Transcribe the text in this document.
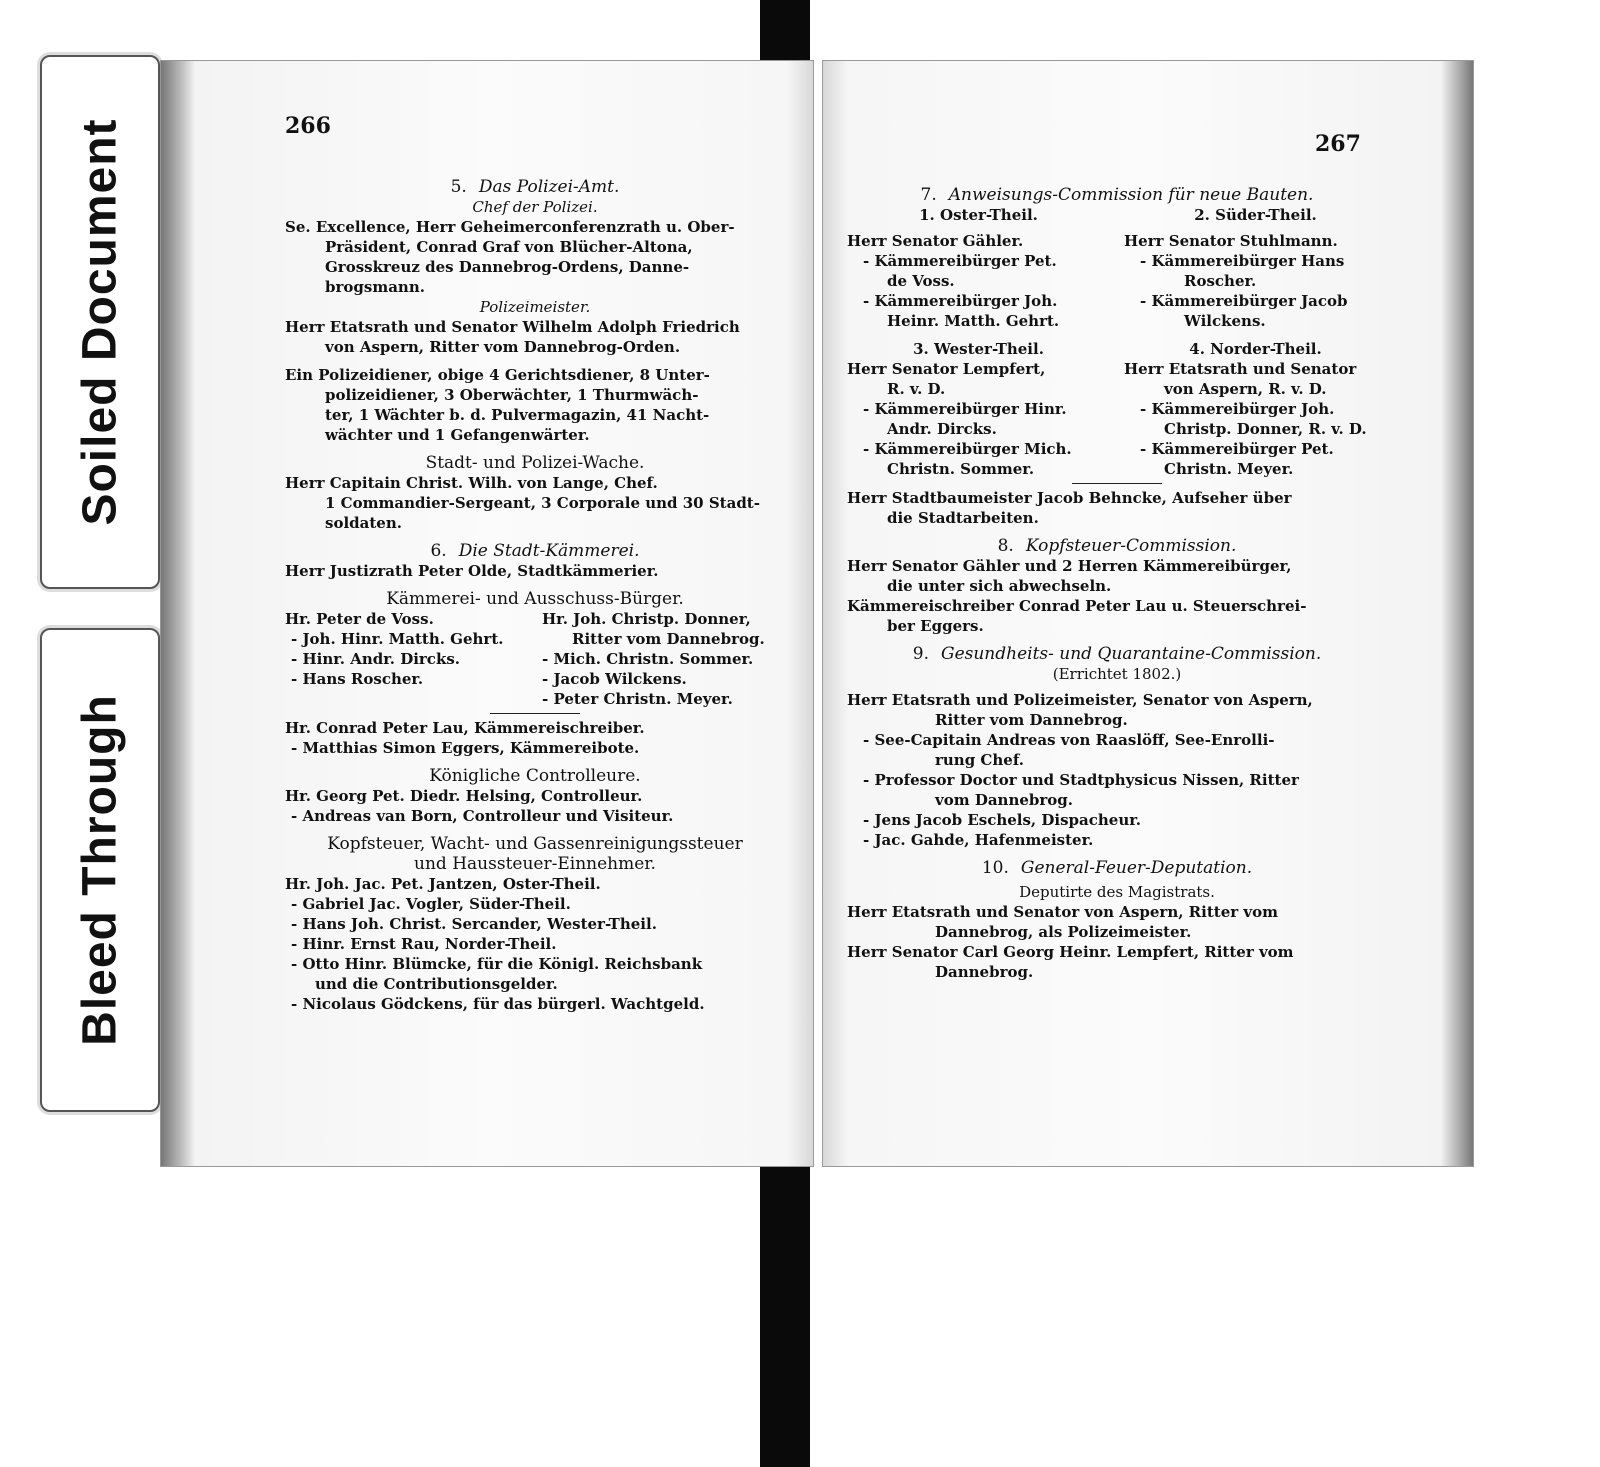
Soiled Document
Bleed Through
266
5. Das Polizei-Amt.
Chef der Polizei.
Se. Excellence, Herr Geheimerconferenzrath u. Ober-
Präsident, Conrad Graf von Blücher-Altona,
Grosskreuz des Dannebrog-Ordens, Danne-
brogsmann.
Polizeimeister.
Herr Etatsrath und Senator Wilhelm Adolph Friedrich
von Aspern, Ritter vom Dannebrog-Orden.
Ein Polizeidiener, obige 4 Gerichtsdiener, 8 Unter-
polizeidiener, 3 Oberwächter, 1 Thurmwäch-
ter, 1 Wächter b. d. Pulvermagazin, 41 Nacht-
wächter und 1 Gefangenwärter.
Stadt- und Polizei-Wache.
Herr Capitain Christ. Wilh. von Lange, Chef.
1 Commandier-Sergeant, 3 Corporale und 30 Stadt-
soldaten.
6. Die Stadt-Kämmerei.
Herr Justizrath Peter Olde, Stadtkämmerier.
Kämmerei- und Ausschuss-Bürger.
Hr. Peter de Voss.
- Joh. Hinr. Matth. Gehrt.
- Hinr. Andr. Dircks.
- Hans Roscher.
Hr. Joh. Christp. Donner,
Ritter vom Dannebrog.
- Mich. Christn. Sommer.
- Jacob Wilckens.
- Peter Christn. Meyer.
Hr. Conrad Peter Lau, Kämmereischreiber.
- Matthias Simon Eggers, Kämmereibote.
Königliche Controlleure.
Hr. Georg Pet. Diedr. Helsing, Controlleur.
- Andreas van Born, Controlleur und Visiteur.
Kopfsteuer, Wacht- und Gassenreinigungssteuer
und Haussteuer-Einnehmer.
Hr. Joh. Jac. Pet. Jantzen, Oster-Theil.
- Gabriel Jac. Vogler, Süder-Theil.
- Hans Joh. Christ. Sercander, Wester-Theil.
- Hinr. Ernst Rau, Norder-Theil.
- Otto Hinr. Blümcke, für die Königl. Reichsbank
und die Contributionsgelder.
- Nicolaus Gödckens, für das bürgerl. Wachtgeld.
267
7. Anweisungs-Commission für neue Bauten.
1. Oster-Theil.
Herr Senator Gähler.
- Kämmereibürger Pet.
de Voss.
- Kämmereibürger Joh.
Heinr. Matth. Gehrt.
2. Süder-Theil.
Herr Senator Stuhlmann.
- Kämmereibürger Hans
Roscher.
- Kämmereibürger Jacob
Wilckens.
3. Wester-Theil.
Herr Senator Lempfert,
R. v. D.
- Kämmereibürger Hinr.
Andr. Dircks.
- Kämmereibürger Mich.
Christn. Sommer.
4. Norder-Theil.
Herr Etatsrath und Senator
von Aspern, R. v. D.
- Kämmereibürger Joh.
Christp. Donner, R. v. D.
- Kämmereibürger Pet.
Christn. Meyer.
Herr Stadtbaumeister Jacob Behncke, Aufseher über
die Stadtarbeiten.
8. Kopfsteuer-Commission.
Herr Senator Gähler und 2 Herren Kämmereibürger,
die unter sich abwechseln.
Kämmereischreiber Conrad Peter Lau u. Steuerschrei-
ber Eggers.
9. Gesundheits- und Quarantaine-Commission.
(Errichtet 1802.)
Herr Etatsrath und Polizeimeister, Senator von Aspern,
Ritter vom Dannebrog.
- See-Capitain Andreas von Raaslöff, See-Enrolli-
rung Chef.
- Professor Doctor und Stadtphysicus Nissen, Ritter
vom Dannebrog.
- Jens Jacob Eschels, Dispacheur.
- Jac. Gahde, Hafenmeister.
10. General-Feuer-Deputation.
Deputirte des Magistrats.
Herr Etatsrath und Senator von Aspern, Ritter vom
Dannebrog, als Polizeimeister.
Herr Senator Carl Georg Heinr. Lempfert, Ritter vom
Dannebrog.
